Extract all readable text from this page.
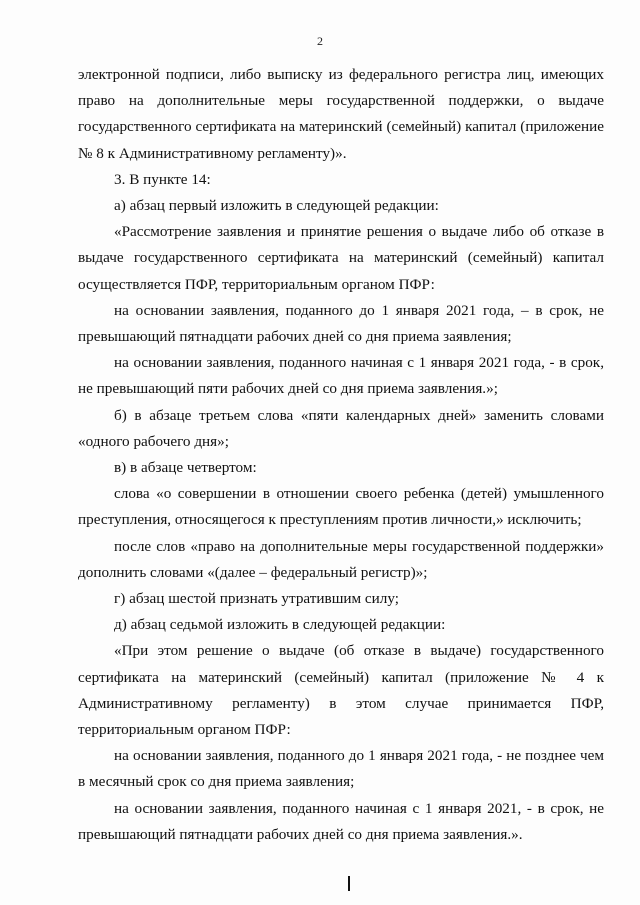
2

электронной подписи, либо выписку из федерального регистра лиц, имеющих право на дополнительные меры государственной поддержки, о выдаче государственного сертификата на материнский (семейный) капитал (приложение № 8 к Административному регламенту)».

3. В пункте 14:

а) абзац первый изложить в следующей редакции:

«Рассмотрение заявления и принятие решения о выдаче либо об отказе в выдаче государственного сертификата на материнский (семейный) капитал осуществляется ПФР, территориальным органом ПФР:

на основании заявления, поданного до 1 января 2021 года, – в срок, не превышающий пятнадцати рабочих дней со дня приема заявления;

на основании заявления, поданного начиная с 1 января 2021 года, - в срок, не превышающий пяти рабочих дней со дня приема заявления.»;

б) в абзаце третьем слова «пяти календарных дней» заменить словами «одного рабочего дня»;

в) в абзаце четвертом:

слова «о совершении в отношении своего ребенка (детей) умышленного преступления, относящегося к преступлениям против личности,» исключить;

после слов «право на дополнительные меры государственной поддержки» дополнить словами «(далее – федеральный регистр)»;

г) абзац шестой признать утратившим силу;

д) абзац седьмой изложить в следующей редакции:

«При этом решение о выдаче (об отказе в выдаче) государственного сертификата на материнский (семейный) капитал (приложение № 4 к Административному регламенту) в этом случае принимается ПФР, территориальным органом ПФР:

на основании заявления, поданного до 1 января 2021 года, - не позднее чем в месячный срок со дня приема заявления;

на основании заявления, поданного начиная с 1 января 2021, - в срок, не превышающий пятнадцати рабочих дней со дня приема заявления.».
